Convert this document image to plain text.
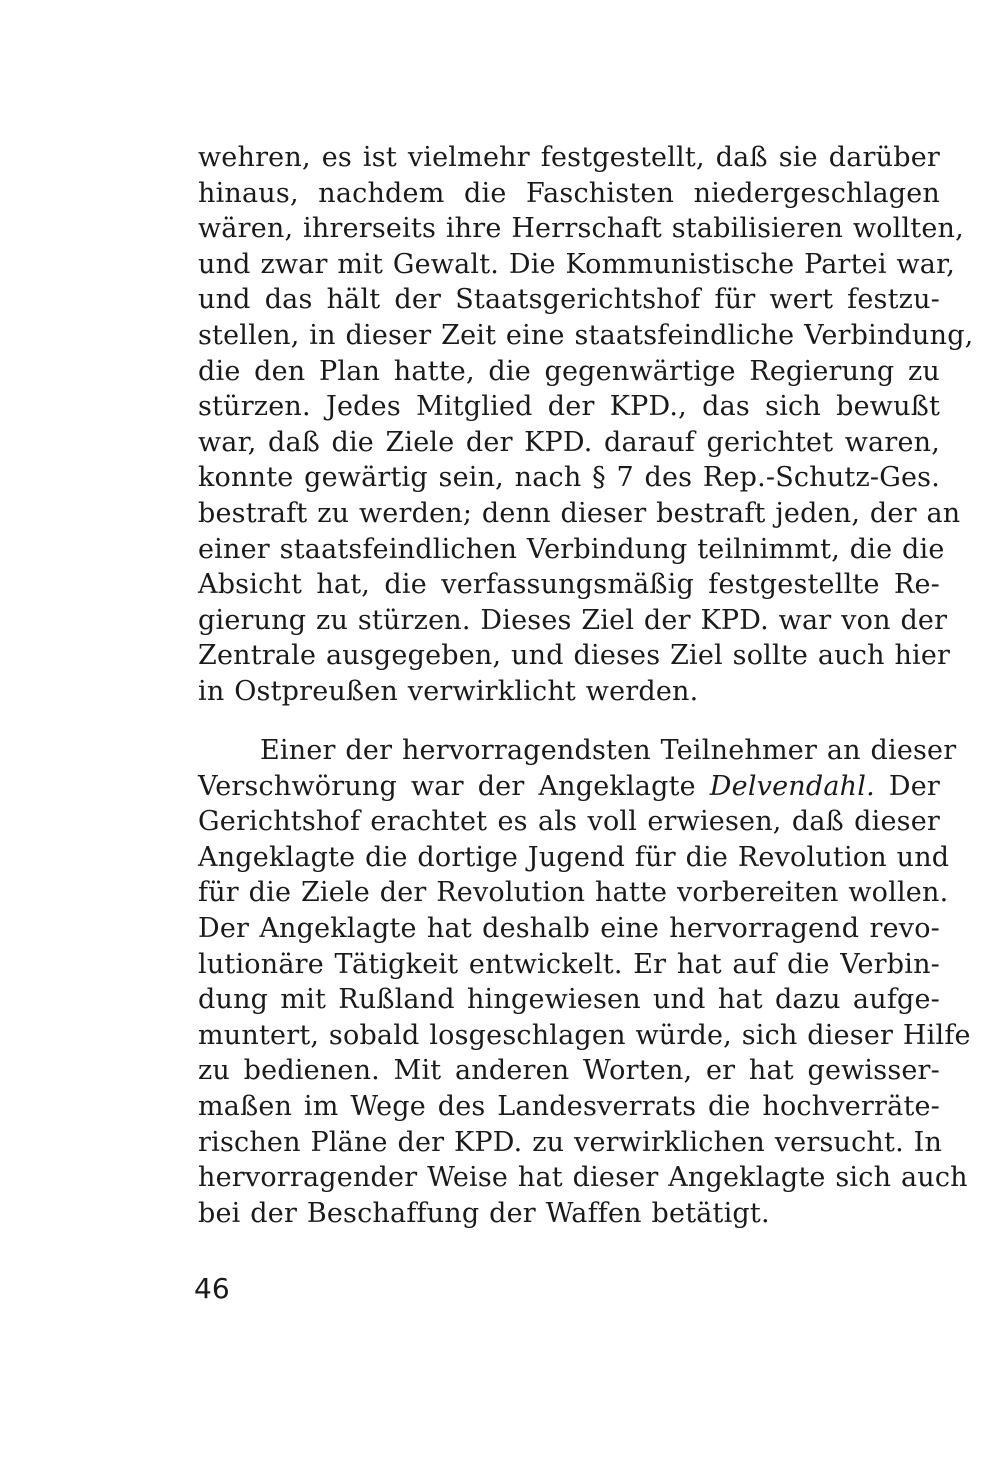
wehren, es ist vielmehr festgestellt, daß sie darüber
hinaus, nachdem die Faschisten niedergeschlagen
wären, ihrerseits ihre Herrschaft stabilisieren wollten,
und zwar mit Gewalt. Die Kommunistische Partei war,
und das hält der Staatsgerichtshof für wert festzu-
stellen, in dieser Zeit eine staatsfeindliche Verbindung,
die den Plan hatte, die gegenwärtige Regierung zu
stürzen. Jedes Mitglied der KPD., das sich bewußt
war, daß die Ziele der KPD. darauf gerichtet waren,
konnte gewärtig sein, nach § 7 des Rep.-Schutz-Ges.
bestraft zu werden; denn dieser bestraft jeden, der an
einer staatsfeindlichen Verbindung teilnimmt, die die
Absicht hat, die verfassungsmäßig festgestellte Re-
gierung zu stürzen. Dieses Ziel der KPD. war von der
Zentrale ausgegeben, und dieses Ziel sollte auch hier
in Ostpreußen verwirklicht werden.
Einer der hervorragendsten Teilnehmer an dieser
Verschwörung war der Angeklagte Delvendahl. Der
Gerichtshof erachtet es als voll erwiesen, daß dieser
Angeklagte die dortige Jugend für die Revolution und
für die Ziele der Revolution hatte vorbereiten wollen.
Der Angeklagte hat deshalb eine hervorragend revo-
lutionäre Tätigkeit entwickelt. Er hat auf die Verbin-
dung mit Rußland hingewiesen und hat dazu aufge-
muntert, sobald losgeschlagen würde, sich dieser Hilfe
zu bedienen. Mit anderen Worten, er hat gewisser-
maßen im Wege des Landesverrats die hochverräte-
rischen Pläne der KPD. zu verwirklichen versucht. In
hervorragender Weise hat dieser Angeklagte sich auch
bei der Beschaffung der Waffen betätigt.
46
